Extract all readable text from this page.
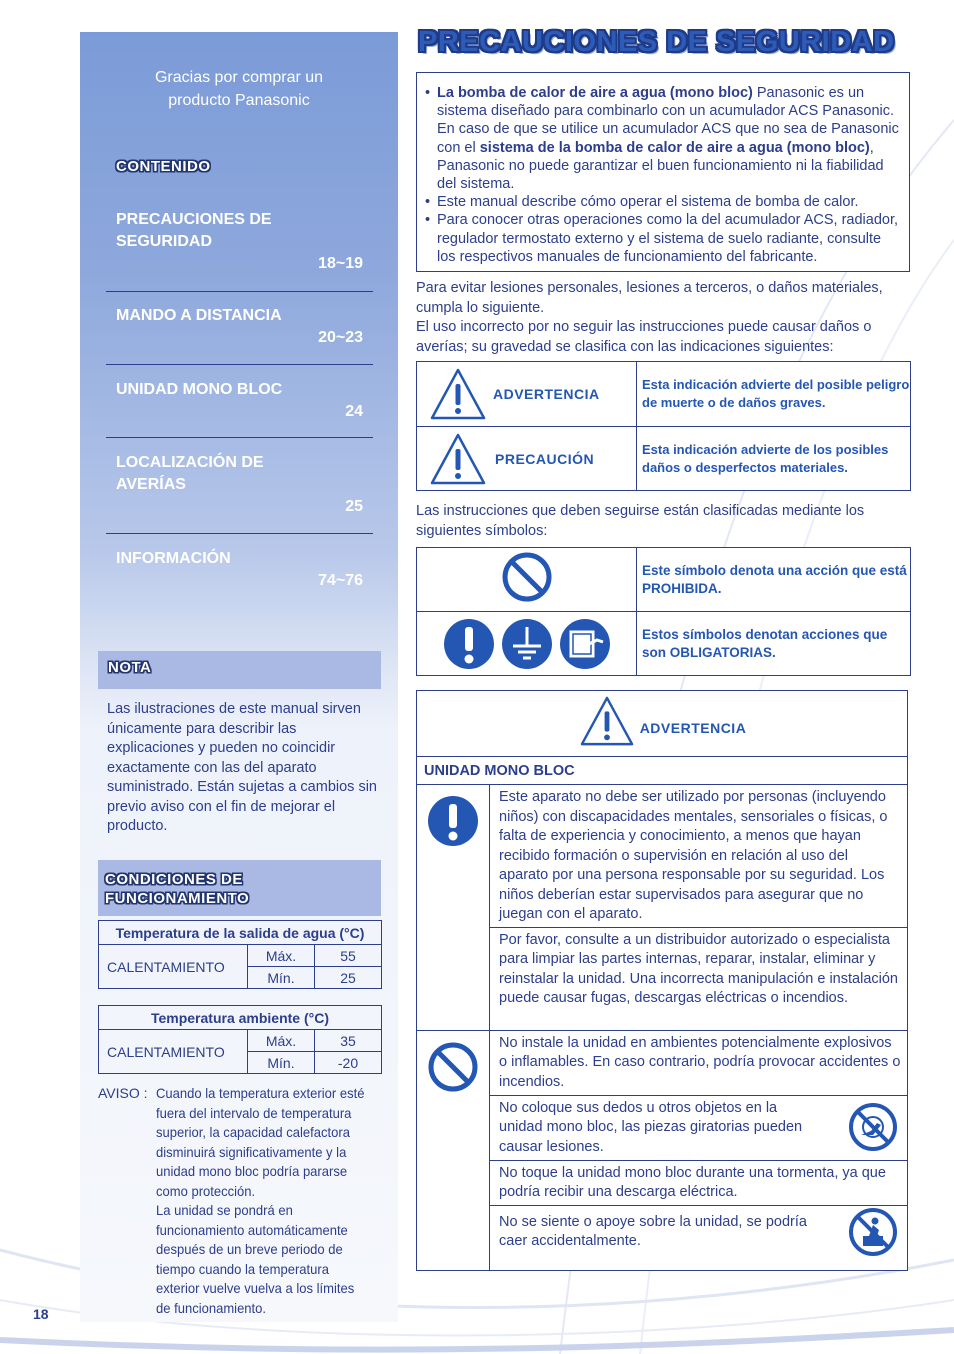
Gracias por comprar un
producto Panasonic
CONTENIDO
PRECAUCIONES DE
SEGURIDAD
18~19
MANDO A DISTANCIA
20~23
UNIDAD MONO BLOC
24
LOCALIZACIÓN DE
AVERÍAS
25
INFORMACIÓN
74~76
NOTA
Las ilustraciones de este manual sirven únicamente para describir las explicaciones y pueden no coincidir exactamente con las del aparato suministrado. Están sujetas a cambios sin previo aviso con el fin de mejorar el producto.
CONDICIONES DE
FUNCIONAMIENTO
Temperatura de la salida de agua (°C)		
CALENTAMIENTO	Máx.	55
	Mín.	25
Temperatura ambiente (°C)		
CALENTAMIENTO	Máx.	35
	Mín.	-20
AVISO : Cuando la temperatura exterior esté fuera del intervalo de temperatura superior, la capacidad calefactora disminuirá significativamente y la unidad mono bloc podría pararse como protección.
La unidad se pondrá en funcionamiento automáticamente después de un breve periodo de tiempo cuando la temperatura exterior vuelve vuelva a los límites de funcionamiento.
18
PRECAUCIONES DE SEGURIDAD
• La bomba de calor de aire a agua (mono bloc) Panasonic es un sistema diseñado para combinarlo con un acumulador ACS Panasonic. En caso de que se utilice un acumulador ACS que no sea de Panasonic con el sistema de la bomba de calor de aire a agua (mono bloc), Panasonic no puede garantizar el buen funcionamiento ni la fiabilidad del sistema.
• Este manual describe cómo operar el sistema de bomba de calor.
• Para conocer otras operaciones como la del acumulador ACS, radiador, regulador termostato externo y el sistema de suelo radiante, consulte los respectivos manuales de funcionamiento del fabricante.
Para evitar lesiones personales, lesiones a terceros, o daños materiales, cumpla lo siguiente.
El uso incorrecto por no seguir las instrucciones puede causar daños o averías; su gravedad se clasifica con las indicaciones siguientes:
ADVERTENCIA	Esta indicación advierte del posible peligro de muerte o de daños graves.

PRECAUCIÓN	Esta indicación advierte de los posibles daños o desperfectos materiales.
Las instrucciones que deben seguirse están clasificadas mediante los siguientes símbolos:

Este símbolo denota una acción que está PROHIBIDA.

Estos símbolos denotan acciones que son OBLIGATORIAS.
ADVERTENCIA	

UNIDAD MONO BLOC	

Este aparato no debe ser utilizado por personas (incluyendo niños) con discapacidades mentales, sensoriales o físicas, o falta de experiencia y conocimiento, a menos que hayan recibido formación o supervisión en relación al uso del aparato por una persona responsable por su seguridad. Los niños deberían estar supervisados para asegurar que no juegan con el aparato.

	Por favor, consulte a un distribuidor autorizado o especialista para limpiar las partes internas, reparar, instalar, eliminar y reinstalar la unidad. Una incorrecta manipulación e instalación puede causar fugas, descargas eléctricas o incendios.

No instale la unidad en ambientes potencialmente explosivos o inflamables. En caso contrario, podría provocar accidentes o incendios.

	No coloque sus dedos u otros objetos en la unidad mono bloc, las piezas giratorias pueden causar lesiones.

	No toque la unidad mono bloc durante una tormenta, ya que podría recibir una descarga eléctrica.

	No se siente o apoye sobre la unidad, se podría caer accidentalmente.
